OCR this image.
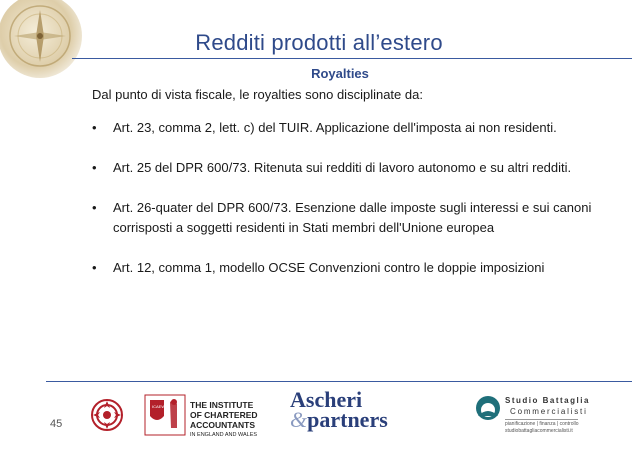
Redditi prodotti all’estero
Royalties
Dal punto di vista fiscale, le royalties sono disciplinate da:
• Art. 23, comma 2, lett. c) del TUIR. Applicazione dell'imposta ai non residenti.
• Art. 25 del DPR 600/73. Ritenuta sui redditi di lavoro autonomo e su altri redditi.
• Art. 26-quater del DPR 600/73. Esenzione dalle imposte sugli interessi e sui canoni corrisposti a soggetti residenti in Stati membri dell'Unione europea
• Art. 12, comma 1, modello OCSE Convenzioni contro le doppie imposizioni
45
ICAEW	THE INSTITUTE
OF CHARTERED
ACCOUNTANTS
IN ENGLAND AND WALES
Ascheri
&partners
Studio Battaglia
Commercialisti
pianificazione | finanza | controllo
studiobattagliacommercialisti.it
